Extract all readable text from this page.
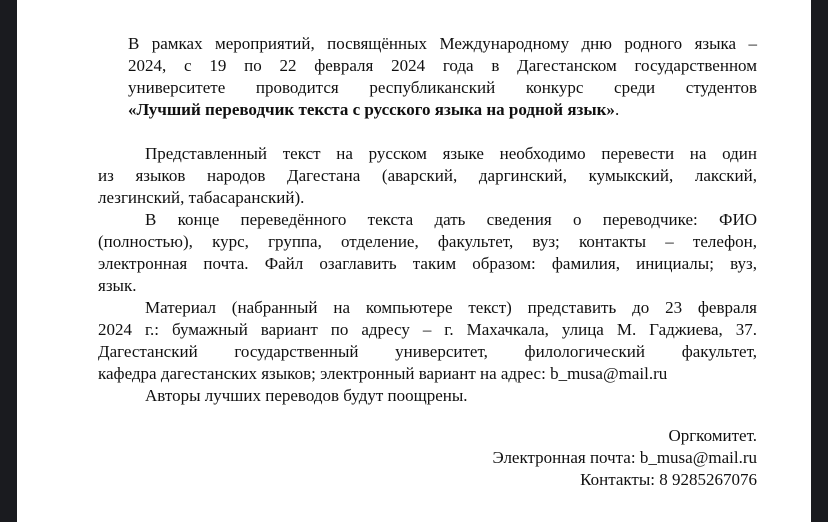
В рамках мероприятий, посвящённых Международному дню родного языка –
2024, с 19 по 22 февраля 2024 года в Дагестанском государственном
университете проводится республиканский конкурс среди студентов
«Лучший переводчик текста с русского языка на родной язык».
Представленный текст на русском языке необходимо перевести на один
из языков народов Дагестана (аварский, даргинский, кумыкский, лакский,
лезгинский, табасаранский).
В конце переведённого текста дать сведения о переводчике: ФИО
(полностью), курс, группа, отделение, факультет, вуз; контакты – телефон,
электронная почта. Файл озаглавить таким образом: фамилия, инициалы; вуз,
язык.
Материал (набранный на компьютере текст) представить до 23 февраля
2024 г.: бумажный вариант по адресу – г. Махачкала, улица М. Гаджиева, 37.
Дагестанский государственный университет, филологический факультет,
кафедра дагестанских языков; электронный вариант на адрес: b_musa@mail.ru
Авторы лучших переводов будут поощрены.
Оргкомитет.
Электронная почта: b_musa@mail.ru
Контакты: 8 9285267076
